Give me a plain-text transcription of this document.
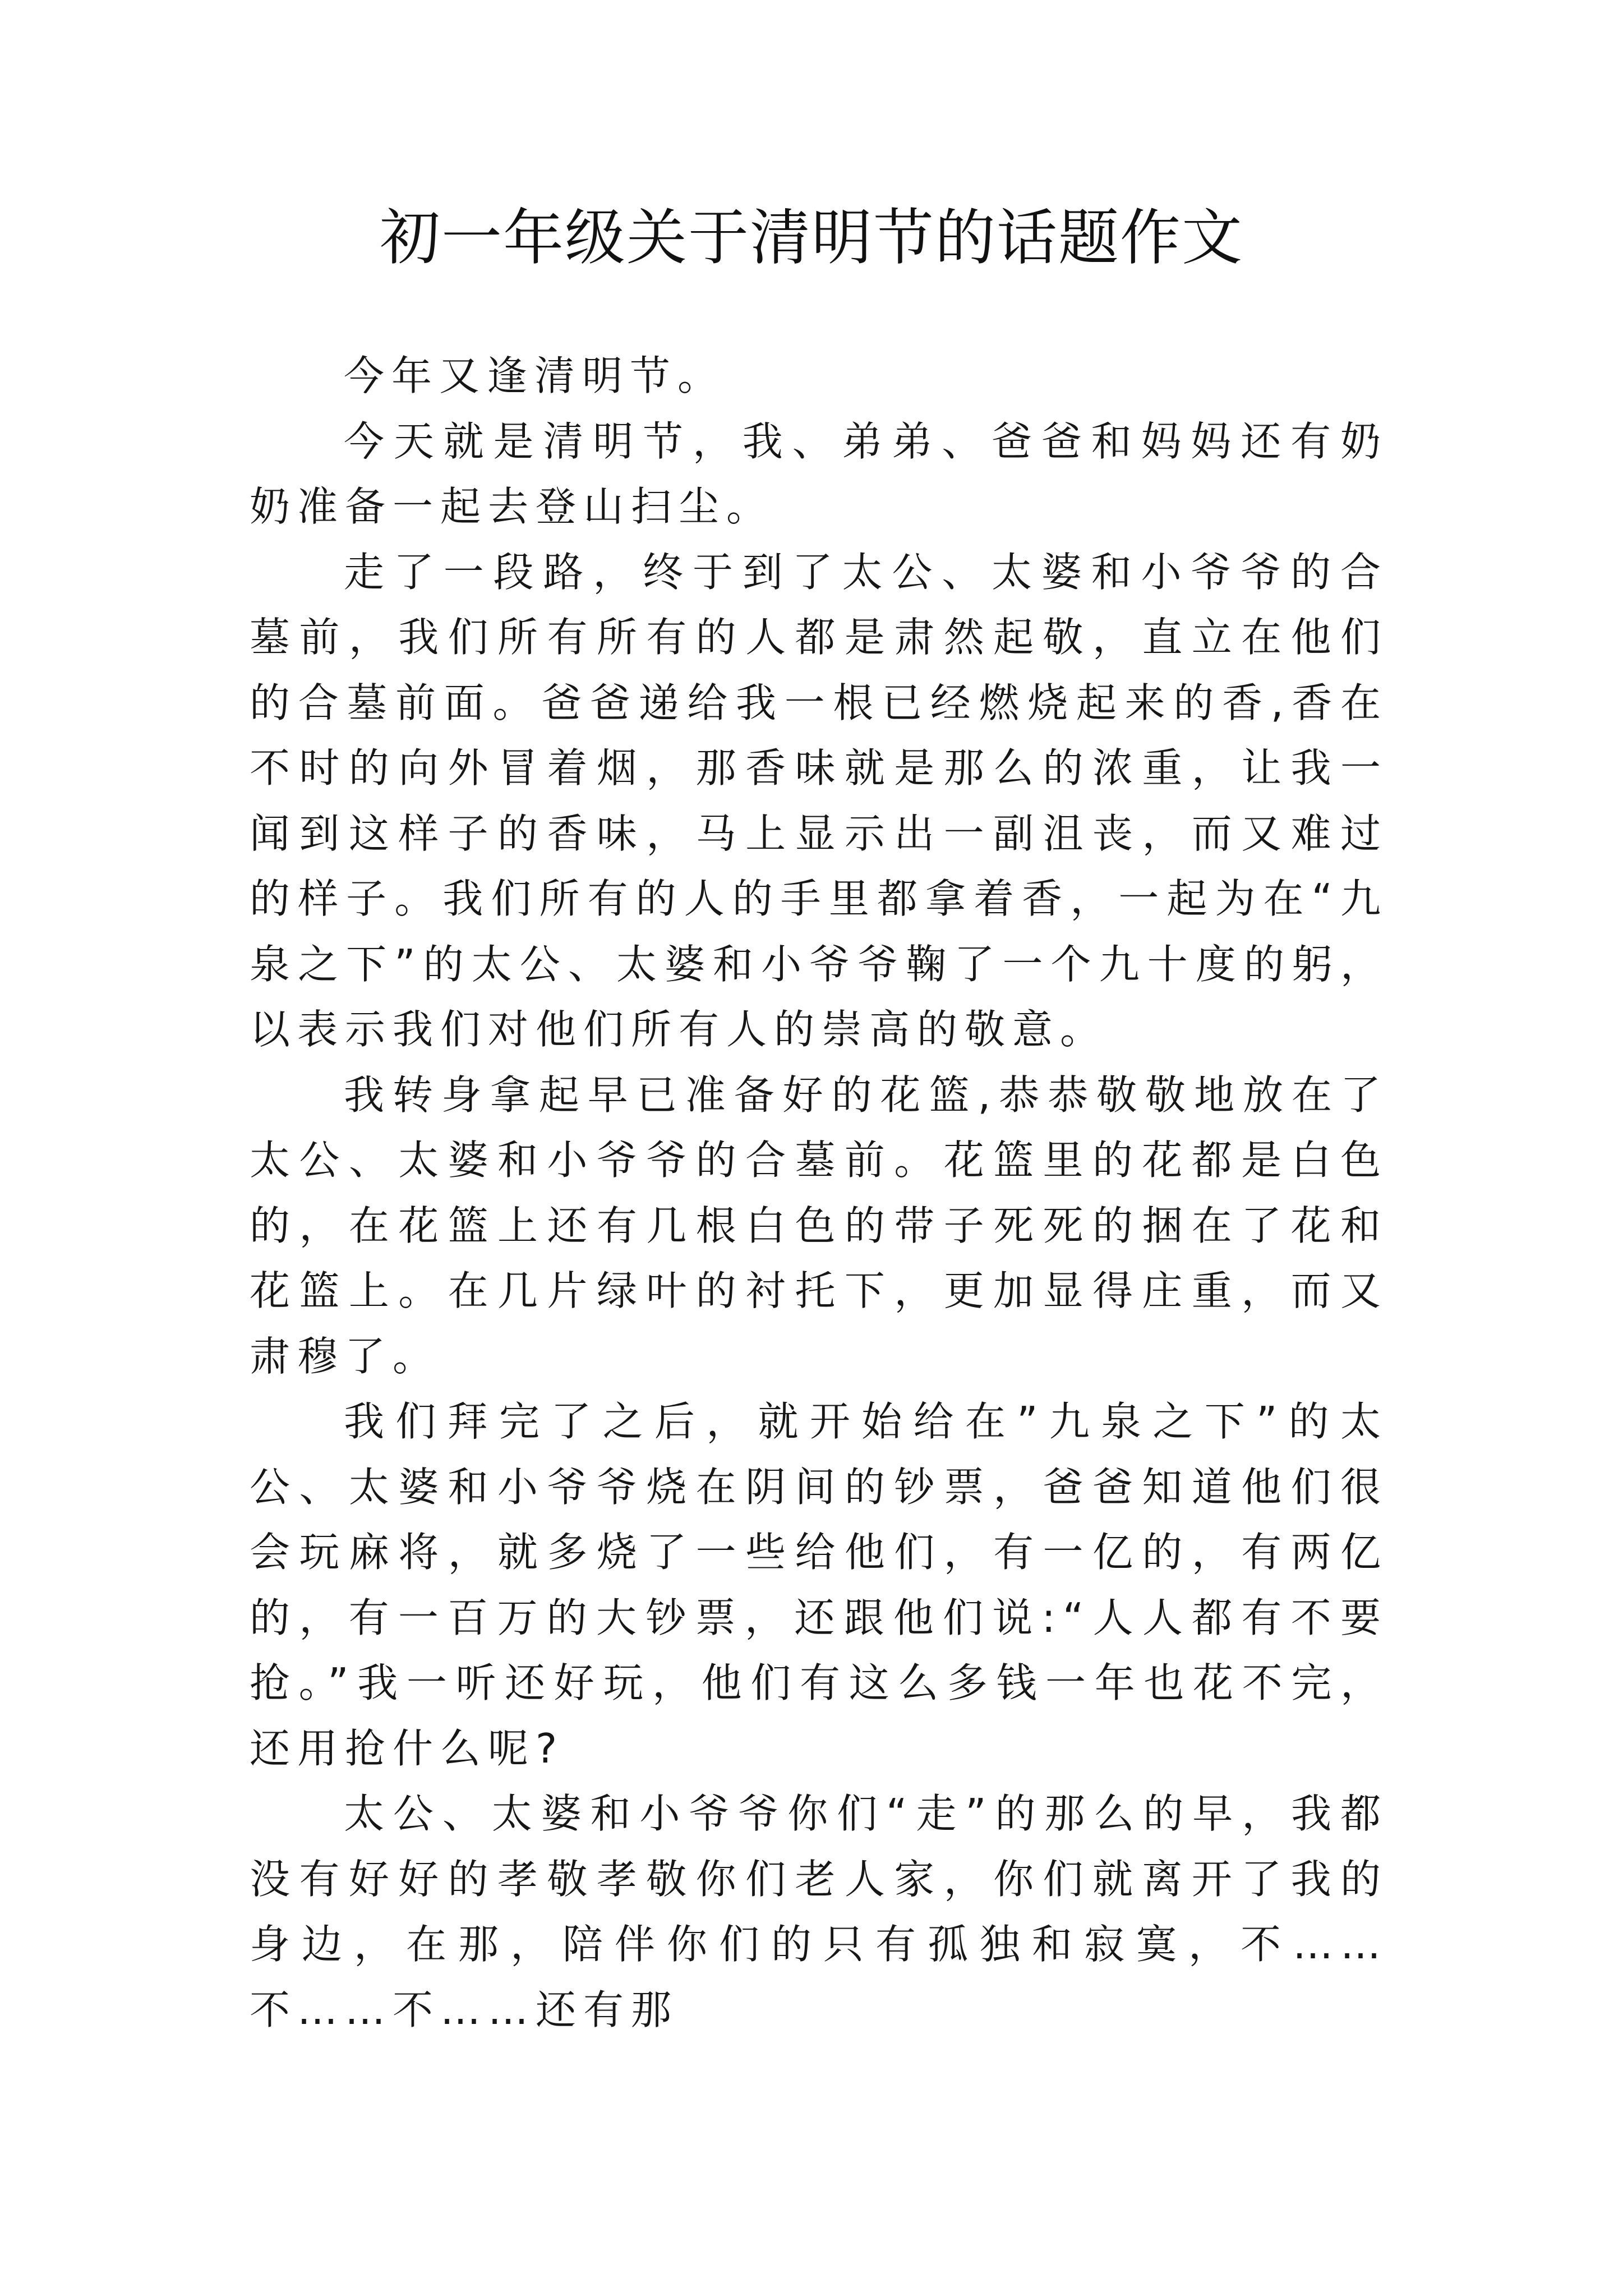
初一年级关于清明节的话题作文

今年又逢清明节。

今天就是清明节，我、弟弟、爸爸和妈妈还有奶奶准备一起去登山扫尘。

走了一段路，终于到了太公、太婆和小爷爷的合墓前，我们所有所有的人都是肃然起敬，直立在他们的合墓前面。爸爸递给我一根已经燃烧起来的香,香在不时的向外冒着烟，那香味就是那么的浓重，让我一闻到这样子的香味，马上显示出一副沮丧，而又难过的样子。我们所有的人的手里都拿着香，一起为在“九泉之下”的太公、太婆和小爷爷鞠了一个九十度的躬，以表示我们对他们所有人的崇高的敬意。

我转身拿起早已准备好的花篮,恭恭敬敬地放在了太公、太婆和小爷爷的合墓前。花篮里的花都是白色的，在花篮上还有几根白色的带子死死的捆在了花和花篮上。在几片绿叶的衬托下，更加显得庄重，而又肃穆了。

我们拜完了之后，就开始给在”九泉之下”的太公、太婆和小爷爷烧在阴间的钞票，爸爸知道他们很会玩麻将，就多烧了一些给他们，有一亿的，有两亿的，有一百万的大钞票，还跟他们说:“人人都有不要抢。”我一听还好玩，他们有这么多钱一年也花不完，还用抢什么呢?

太公、太婆和小爷爷你们“走”的那么的早，我都没有好好的孝敬孝敬你们老人家，你们就离开了我的身边，在那，陪伴你们的只有孤独和寂寞，不……不……不……还有那
